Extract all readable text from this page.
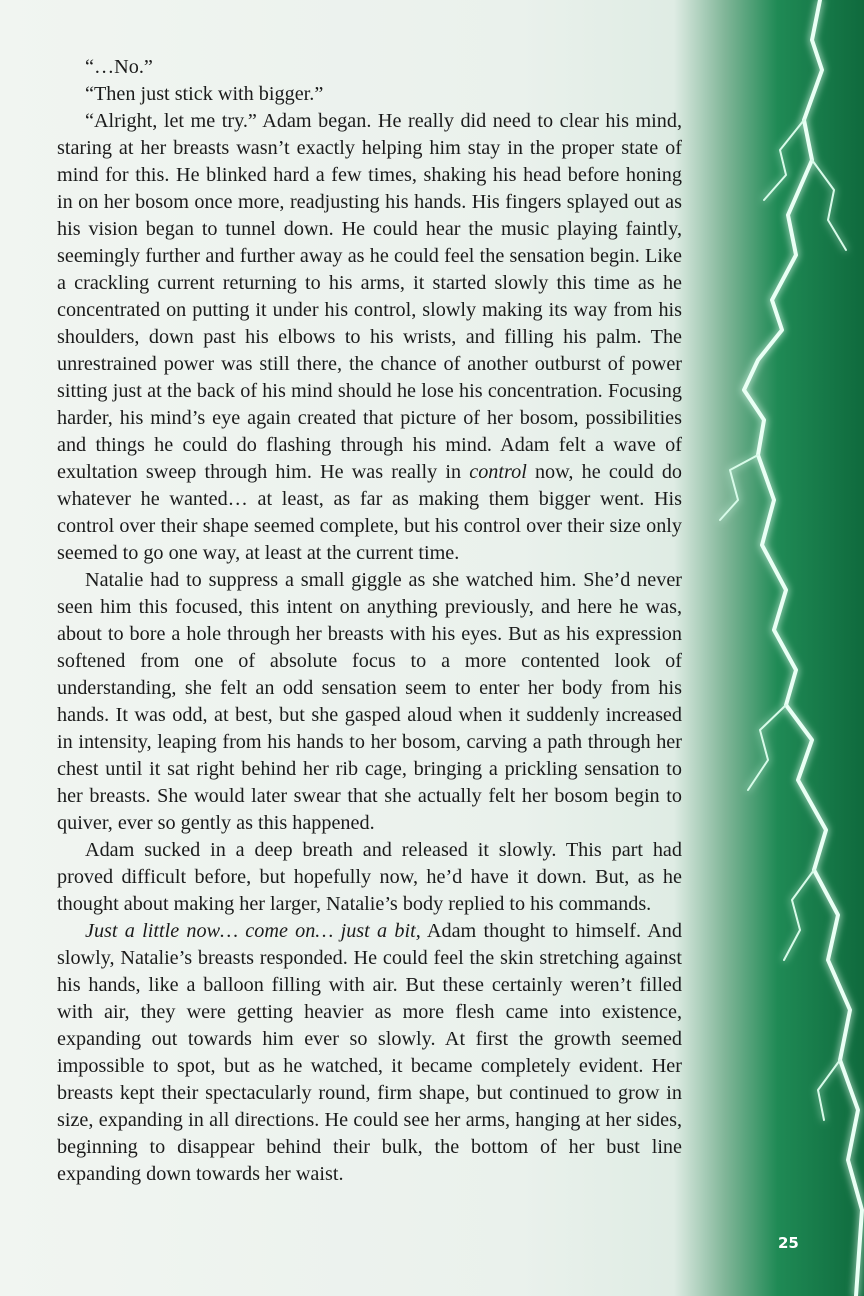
“…No.”

“Then just stick with bigger.”

“Alright, let me try.” Adam began. He really did need to clear his mind, staring at her breasts wasn’t exactly helping him stay in the proper state of mind for this. He blinked hard a few times, shaking his head before honing in on her bosom once more, readjusting his hands. His fingers splayed out as his vision began to tunnel down. He could hear the music playing faintly, seemingly further and further away as he could feel the sensation begin. Like a crackling current returning to his arms, it started slowly this time as he concentrated on putting it under his control, slowly making its way from his shoulders, down past his elbows to his wrists, and filling his palm. The unrestrained power was still there, the chance of another outburst of power sitting just at the back of his mind should he lose his concentration. Focusing harder, his mind’s eye again created that picture of her bosom, possibilities and things he could do flashing through his mind. Adam felt a wave of exultation sweep through him. He was really in control now, he could do whatever he wanted… at least, as far as making them bigger went. His control over their shape seemed complete, but his control over their size only seemed to go one way, at least at the current time.

Natalie had to suppress a small giggle as she watched him. She’d never seen him this focused, this intent on anything previously, and here he was, about to bore a hole through her breasts with his eyes. But as his expression softened from one of absolute focus to a more contented look of understanding, she felt an odd sensation seem to enter her body from his hands. It was odd, at best, but she gasped aloud when it suddenly increased in intensity, leaping from his hands to her bosom, carving a path through her chest until it sat right behind her rib cage, bringing a prickling sensation to her breasts. She would later swear that she actually felt her bosom begin to quiver, ever so gently as this happened.

Adam sucked in a deep breath and released it slowly. This part had proved difficult before, but hopefully now, he’d have it down. But, as he thought about making her larger, Natalie’s body replied to his commands.

Just a little now… come on… just a bit, Adam thought to himself. And slowly, Natalie’s breasts responded. He could feel the skin stretching against his hands, like a balloon filling with air. But these certainly weren’t filled with air, they were getting heavier as more flesh came into existence, expanding out towards him ever so slowly. At first the growth seemed impossible to spot, but as he watched, it became completely evident. Her breasts kept their spectacularly round, firm shape, but continued to grow in size, expanding in all directions. He could see her arms, hanging at her sides, beginning to disappear behind their bulk, the bottom of her bust line expanding down towards her waist.

25
